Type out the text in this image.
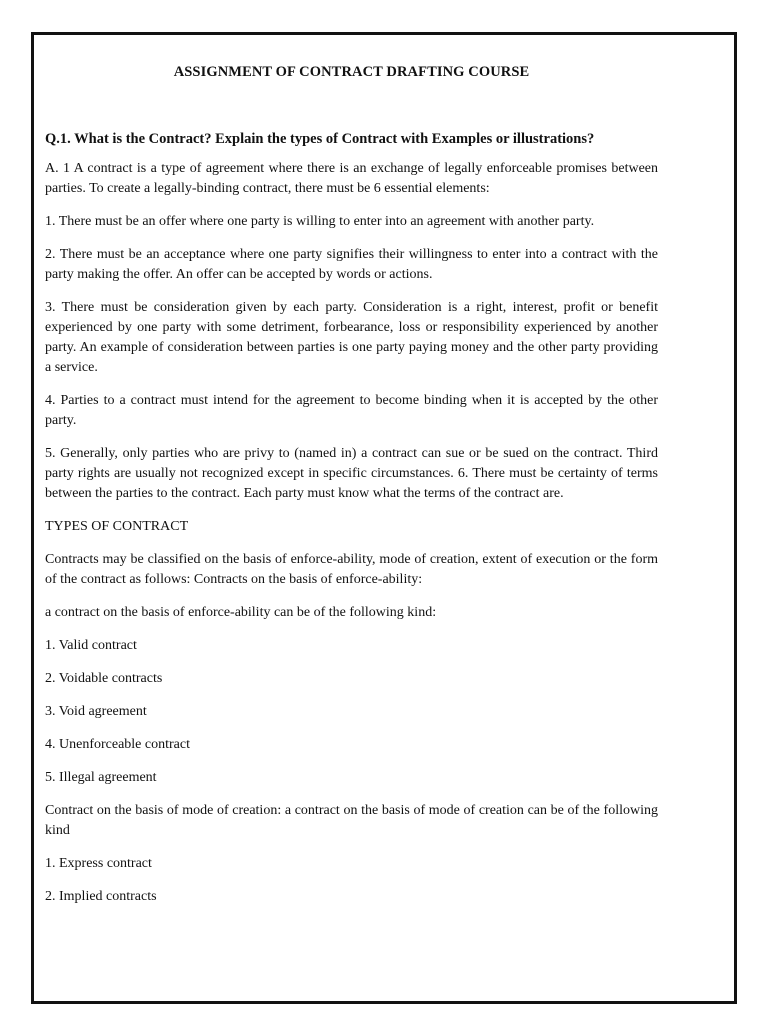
ASSIGNMENT OF CONTRACT DRAFTING COURSE
Q.1. What is the Contract? Explain the types of Contract with Examples or illustrations?

A. 1 A contract is a type of agreement where there is an exchange of legally enforceable promises between parties. To create a legally-binding contract, there must be 6 essential elements:

1. There must be an offer where one party is willing to enter into an agreement with another party.

2. There must be an acceptance where one party signifies their willingness to enter into a contract with the party making the offer. An offer can be accepted by words or actions.

3. There must be consideration given by each party. Consideration is a right, interest, profit or benefit experienced by one party with some detriment, forbearance, loss or responsibility experienced by another party. An example of consideration between parties is one party paying money and the other party providing a service.

4. Parties to a contract must intend for the agreement to become binding when it is accepted by the other party.

5. Generally, only parties who are privy to (named in) a contract can sue or be sued on the contract. Third party rights are usually not recognized except in specific circumstances. 6. There must be certainty of terms between the parties to the contract. Each party must know what the terms of the contract are.

TYPES OF CONTRACT

Contracts may be classified on the basis of enforce-ability, mode of creation, extent of execution or the form of the contract as follows: Contracts on the basis of enforce-ability:

a contract on the basis of enforce-ability can be of the following kind:

1. Valid contract

2. Voidable contracts

3. Void agreement

4. Unenforceable contract

5. Illegal agreement

Contract on the basis of mode of creation: a contract on the basis of mode of creation can be of the following kind

1. Express contract

2. Implied contracts
